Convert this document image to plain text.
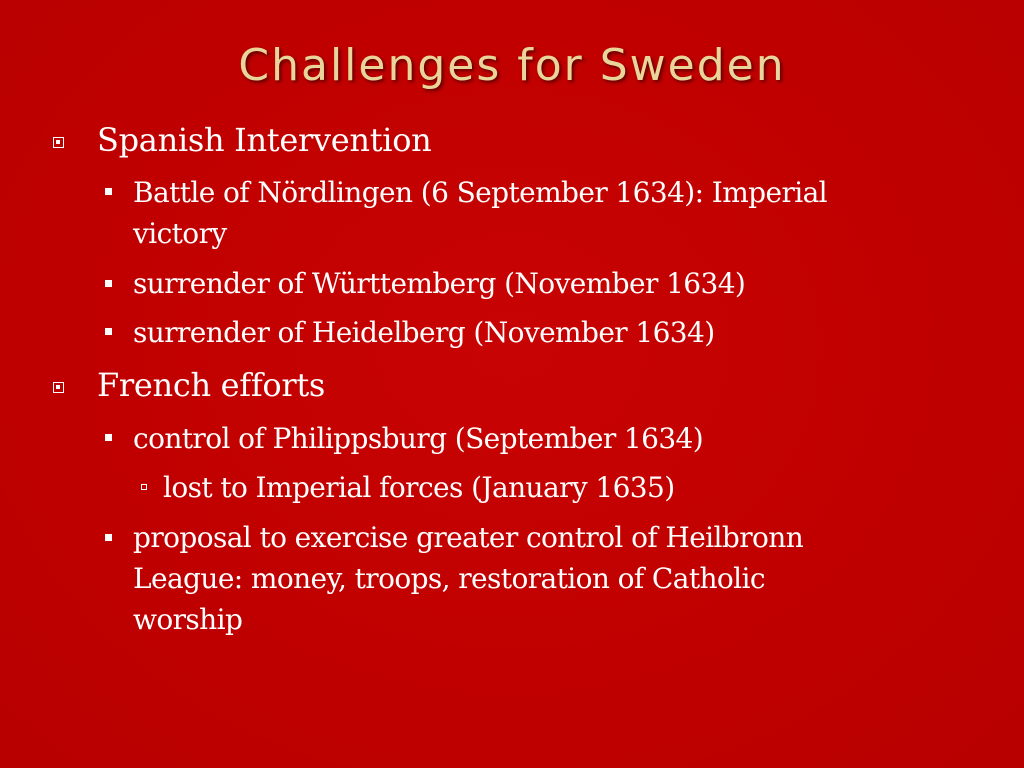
Challenges for Sweden
Spanish Intervention
Battle of Nördlingen (6 September 1634): Imperial
victory
surrender of Württemberg (November 1634)
surrender of Heidelberg (November 1634)
French efforts
control of Philippsburg (September 1634)
lost to Imperial forces (January 1635)
proposal to exercise greater control of Heilbronn
League: money, troops, restoration of Catholic
worship
